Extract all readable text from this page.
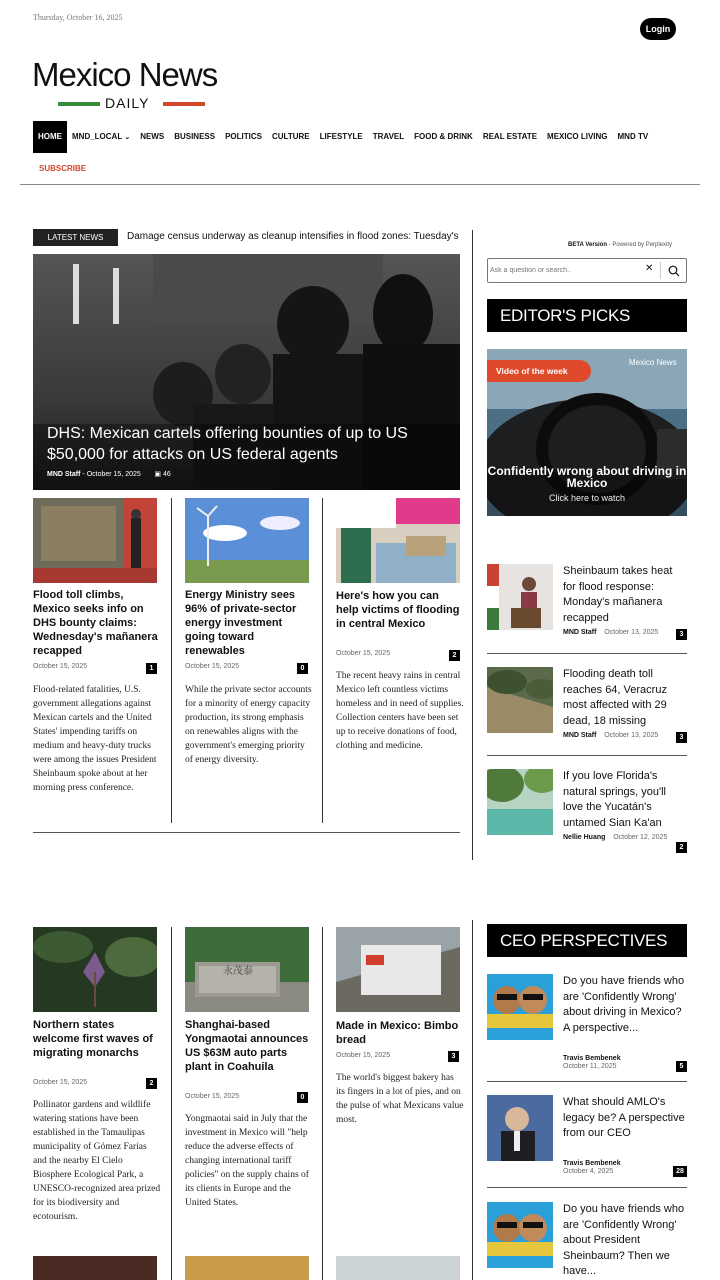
Thursday, October 16, 2025
Login
Mexico News
DAILY
HOME	MND_LOCAL ⌄	NEWS	BUSINESS	POLITICS	CULTURE	LIFESTYLE	TRAVEL	FOOD & DRINK	REAL ESTATE	MEXICO LIVING	MND TV
SUBSCRIBE
LATEST NEWS	Damage census underway as cleanup intensifies in flood zones: Tuesday's
DHS: Mexican cartels offering bounties of up to US $50,000 for attacks on US federal agents
MND Staff - October 15, 2025 ▣ 46
Flood toll climbs, Mexico seeks info on DHS bounty claims: Wednesday's mañanera recapped
October 15, 2025	1
Flood-related fatalities, U.S. government allegations against Mexican cartels and the United States' impending tariffs on medium and heavy-duty trucks were among the issues President Sheinbaum spoke about at her morning press conference.
Energy Ministry sees 96% of private-sector energy investment going toward renewables
October 15, 2025	0
While the private sector accounts for a minority of energy capacity production, its strong emphasis on renewables aligns with the government's emerging priority of energy diversity.
Here's how you can help victims of flooding in central Mexico
October 15, 2025	2
The recent heavy rains in central Mexico left countless victims homeless and in need of supplies. Collection centers have been set up to receive donations of food, clothing and medicine.
Northern states welcome first waves of migrating monarchs
October 15, 2025	2
Pollinator gardens and wildlife watering stations have been established in the Tamaulipas municipality of Gómez Farías and the nearby El Cielo Biosphere Ecological Park, a UNESCO-recognized area prized for its biodiversity and ecotourism.
永茂泰
Shanghai-based Yongmaotai announces US $63M auto parts plant in Coahuila
October 15, 2025	0
Yongmaotai said in July that the investment in Mexico will "help reduce the adverse effects of changing international tariff policies" on the supply chains of its clients in Europe and the United States.
Made in Mexico: Bimbo bread
October 15, 2025	3
The world's biggest bakery has its fingers in a lot of pies, and on the pulse of what Mexicans value most.
BETA Version - Powered by Perplexity
Ask a question or search..
✕
EDITOR'S PICKS
Video of the week
Mexico News
Confidently wrong about driving in Mexico
Click here to watch
Sheinbaum takes heat for flood response: Monday's mañanera recapped
MND Staff October 13, 2025	3
Flooding death toll reaches 64, Veracruz most affected with 29 dead, 18 missing
MND Staff October 13, 2025	3
If you love Florida's natural springs, you'll love the Yucatán's untamed Sian Ka'an
Nellie Huang October 12, 2025
2
CEO PERSPECTIVES
Do you have friends who are 'Confidently Wrong' about driving in Mexico? A perspective...
Travis Bembenek
October 11, 2025	5
What should AMLO's legacy be? A perspective from our CEO
Travis Bembenek
October 4, 2025	28
Do you have friends who are 'Confidently Wrong' about President Sheinbaum? Then we have...
